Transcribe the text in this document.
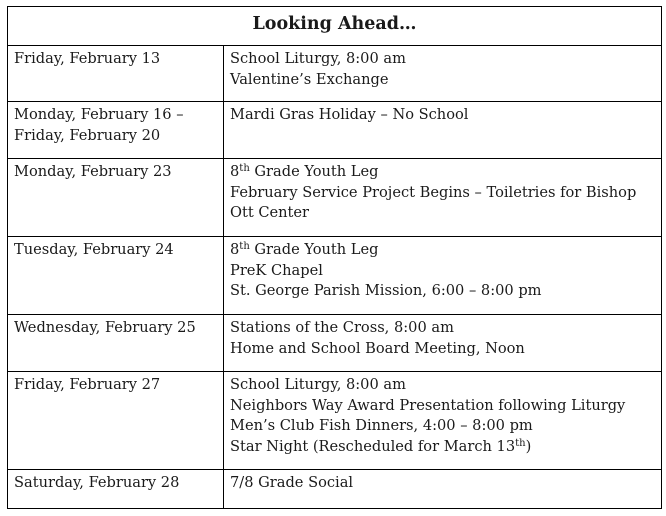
Looking Ahead…	

Friday, February 13	School Liturgy, 8:00 am
Valentine’s Exchange

Monday, February 16 –
Friday, February 20	Mardi Gras Holiday – No School

Monday, February 23	8th Grade Youth Leg
February Service Project Begins – Toiletries for Bishop
Ott Center

Tuesday, February 24	8th Grade Youth Leg
PreK Chapel
St. George Parish Mission, 6:00 – 8:00 pm

Wednesday, February 25	Stations of the Cross, 8:00 am
Home and School Board Meeting, Noon

Friday, February 27	School Liturgy, 8:00 am
Neighbors Way Award Presentation following Liturgy
Men’s Club Fish Dinners, 4:00 – 8:00 pm
Star Night (Rescheduled for March 13th)

Saturday, February 28	7/8 Grade Social
